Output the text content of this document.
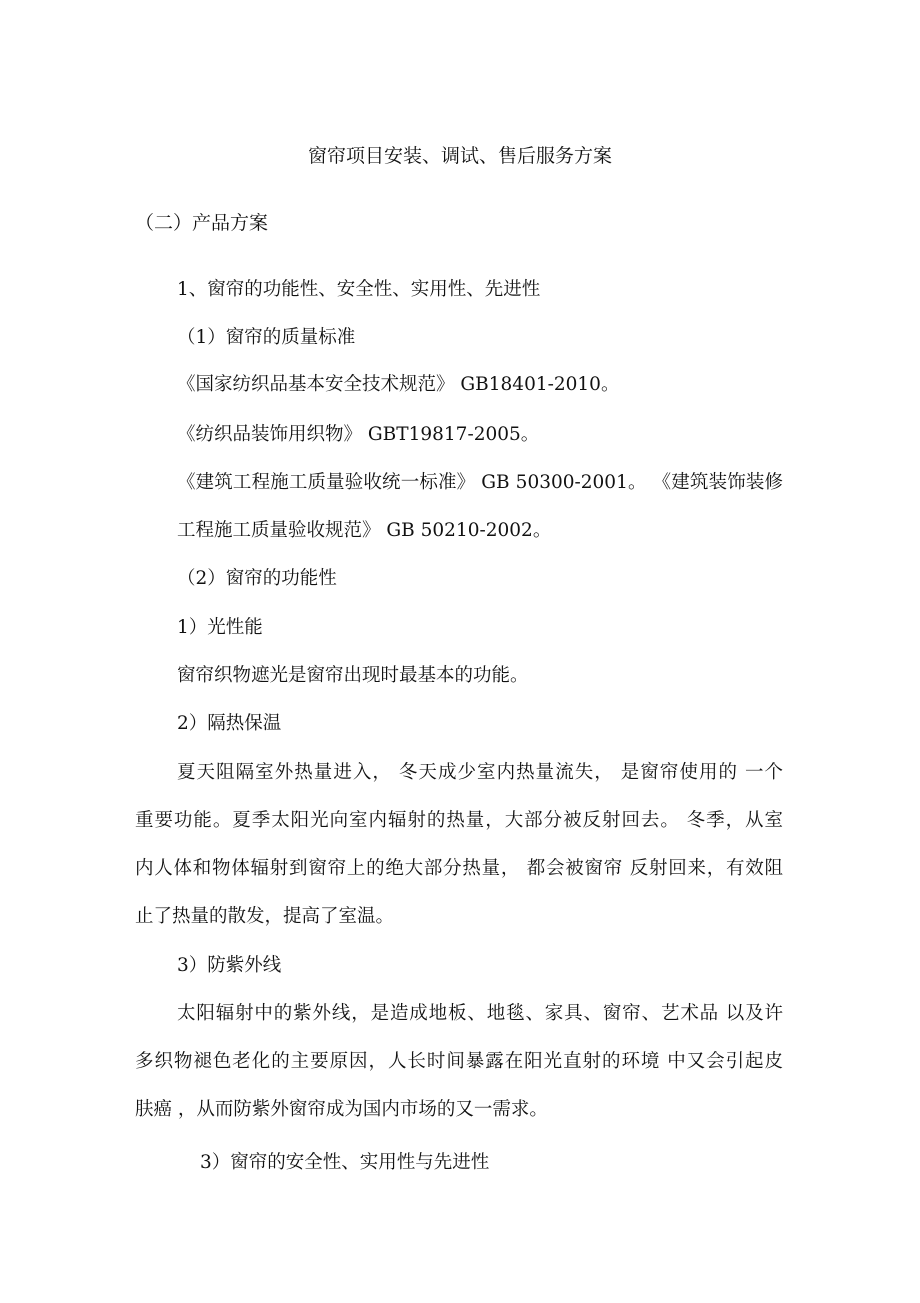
窗帘项目安装、调试、售后服务方案
（二）产品方案
1、窗帘的功能性、安全性、实用性、先进性
（1）窗帘的质量标准
《国家纺织品基本安全技术规范》 GB18401-2010。
《纺织品装饰用织物》 GBT19817-2005。
《建筑工程施工质量验收统一标准》 GB 50300-2001。 《建筑装饰装修
工程施工质量验收规范》 GB 50210-2002。
（2）窗帘的功能性
1）光性能
窗帘织物遮光是窗帘出现时最基本的功能。
2）隔热保温
夏天阻隔室外热量进入， 冬天成少室内热量流失， 是窗帘使用的 一个
重要功能。夏季太阳光向室内辐射的热量，大部分被反射回去。 冬季，从室
内人体和物体辐射到窗帘上的绝大部分热量， 都会被窗帘 反射回来，有效阻
止了热量的散发，提高了室温。
3）防紫外线
太阳辐射中的紫外线，是造成地板、地毯、家具、窗帘、艺术品 以及许
多织物褪色老化的主要原因，人长时间暴露在阳光直射的环境 中又会引起皮
肤癌 ，从而防紫外窗帘成为国内市场的又一需求。
3）窗帘的安全性、实用性与先进性
